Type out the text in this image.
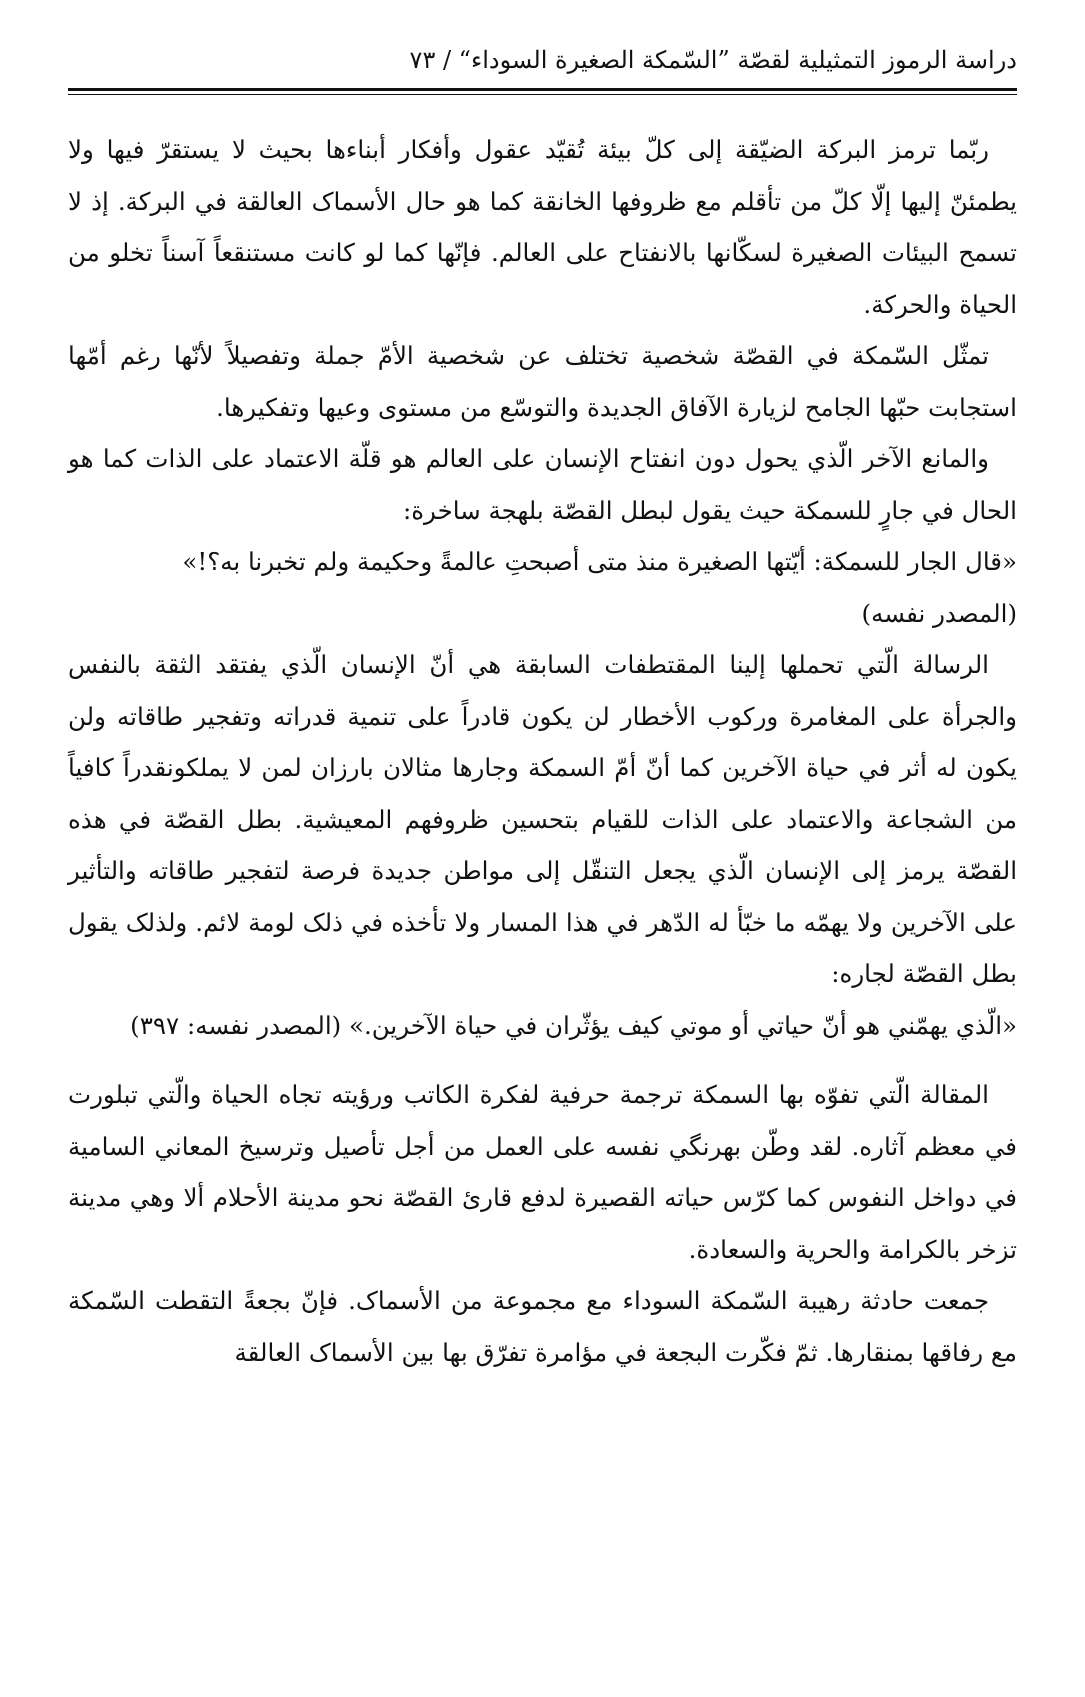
دراسة الرموز التمثيلية لقصّة ”السّمكة الصغيرة السوداء“ / ٧٣

ربّما ترمز البركة الضيّقة إلى كلّ بيئة تُقيّد عقول وأفكار أبناءها بحيث لا يستقرّ فيها ولا يطمئنّ إليها إلّا كلّ من تأقلم مع ظروفها الخانقة كما هو حال الأسماک العالقة في البركة. إذ لا تسمح البيئات الصغيرة لسكّانها بالانفتاح على العالم. فإنّها كما لو كانت مستنقعاً آسناً تخلو من الحياة والحركة.

تمثّل السّمكة في القصّة شخصية تختلف عن شخصية الأمّ جملة وتفصيلاً لأنّها رغم أمّها استجابت حبّها الجامح لزيارة الآفاق الجديدة والتوسّع من مستوى وعيها وتفكيرها.

والمانع الآخر الّذي يحول دون انفتاح الإنسان على العالم هو قلّة الاعتماد على الذات كما هو الحال في جارٍ للسمكة حيث يقول لبطل القصّة بلهجة ساخرة:

«قال الجار للسمكة: أيّتها الصغيرة منذ متى أصبحتِ عالمةً وحكيمة ولم تخبرنا به؟!»

(المصدر نفسه)

الرسالة الّتي تحملها إلينا المقتطفات السابقة هي أنّ الإنسان الّذي يفتقد الثقة بالنفس والجرأة على المغامرة وركوب الأخطار لن يكون قادراً على تنمية قدراته وتفجير طاقاته ولن يكون له أثر في حياة الآخرين كما أنّ أمّ السمكة وجارها مثالان بارزان لمن لا يملكونقدراً كافياً من الشجاعة والاعتماد على الذات للقيام بتحسين ظروفهم المعيشية. بطل القصّة في هذه القصّة يرمز إلى الإنسان الّذي يجعل التنقّل إلى مواطن جديدة فرصة لتفجير طاقاته والتأثير على الآخرين ولا يهمّه ما خبّأ له الدّهر في هذا المسار ولا تأخذه في ذلک لومة لائم. ولذلک يقول بطل القصّة لجاره:

«الّذي يهمّني هو أنّ حياتي أو موتي كيف يؤثّران في حياة الآخرين.» (المصدر نفسه: ٣٩٧)

المقالة الّتي تفوّه بها السمكة ترجمة حرفية لفكرة الكاتب ورؤيته تجاه الحياة والّتي تبلورت في معظم آثاره. لقد وطّن بهرنگي نفسه على العمل من أجل تأصيل وترسيخ المعاني السامية في دواخل النفوس كما كرّس حياته القصيرة لدفع قارئ القصّة نحو مدينة الأحلام ألا وهي مدينة تزخر بالكرامة والحرية والسعادة.

جمعت حادثة رهيبة السّمكة السوداء مع مجموعة من الأسماک. فإنّ بجعةً التقطت السّمكة مع رفاقها بمنقارها. ثمّ فكّرت البجعة في مؤامرة تفرّق بها بين الأسماک العالقة
